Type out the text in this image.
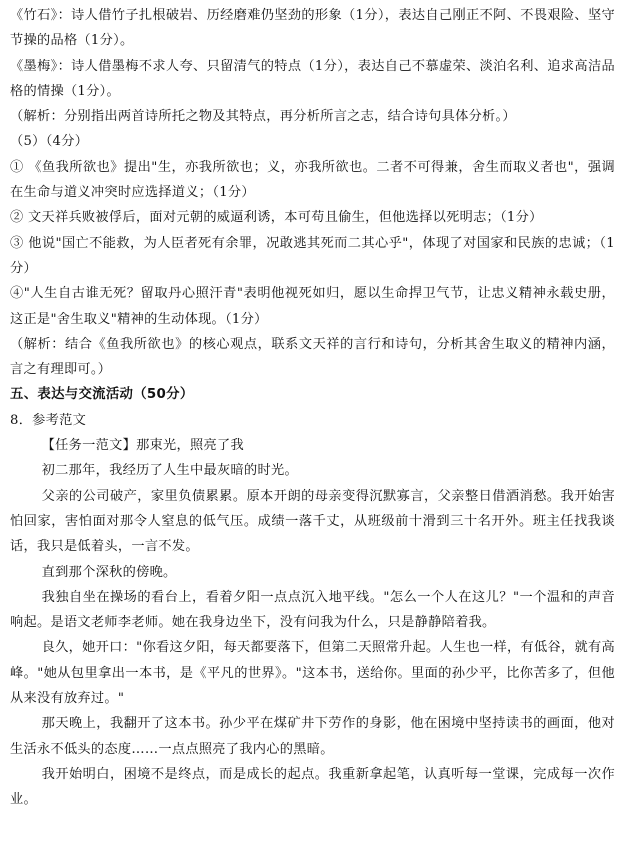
《竹石》：诗人借竹子扎根破岩、历经磨难仍坚劲的形象（1分），表达自己刚正不阿、不畏艰险、坚守节操的品格（1分）。

《墨梅》：诗人借墨梅不求人夸、只留清气的特点（1分），表达自己不慕虚荣、淡泊名利、追求高洁品格的情操（1分）。

（解析：分别指出两首诗所托之物及其特点，再分析所言之志，结合诗句具体分析。）

（5）（4分）

① 《鱼我所欲也》提出"生，亦我所欲也；义，亦我所欲也。二者不可得兼，舍生而取义者也"，强调在生命与道义冲突时应选择道义；（1分）

② 文天祥兵败被俘后，面对元朝的威逼利诱，本可苟且偷生，但他选择以死明志；（1分）

③ 他说"国亡不能救，为人臣者死有余罪，况敢逃其死而二其心乎"，体现了对国家和民族的忠诚；（1分）

④"人生自古谁无死？留取丹心照汗青"表明他视死如归，愿以生命捍卫气节，让忠义精神永载史册，这正是"舍生取义"精神的生动体现。（1分）

（解析：结合《鱼我所欲也》的核心观点，联系文天祥的言行和诗句，分析其舍生取义的精神内涵，言之有理即可。）

五、表达与交流活动（50分）

8．参考范文

【任务一范文】那束光，照亮了我

初二那年，我经历了人生中最灰暗的时光。

父亲的公司破产，家里负债累累。原本开朗的母亲变得沉默寡言，父亲整日借酒消愁。我开始害怕回家，害怕面对那令人窒息的低气压。成绩一落千丈，从班级前十滑到三十名开外。班主任找我谈话，我只是低着头，一言不发。

直到那个深秋的傍晚。

我独自坐在操场的看台上，看着夕阳一点点沉入地平线。"怎么一个人在这儿？"一个温和的声音响起。是语文老师李老师。她在我身边坐下，没有问我为什么，只是静静陪着我。

良久，她开口："你看这夕阳，每天都要落下，但第二天照常升起。人生也一样，有低谷，就有高峰。"她从包里拿出一本书，是《平凡的世界》。"这本书，送给你。里面的孙少平，比你苦多了，但他从来没有放弃过。"

那天晚上，我翻开了这本书。孙少平在煤矿井下劳作的身影，他在困境中坚持读书的画面，他对生活永不低头的态度……一点点照亮了我内心的黑暗。

我开始明白，困境不是终点，而是成长的起点。我重新拿起笔，认真听每一堂课，完成每一次作业。
